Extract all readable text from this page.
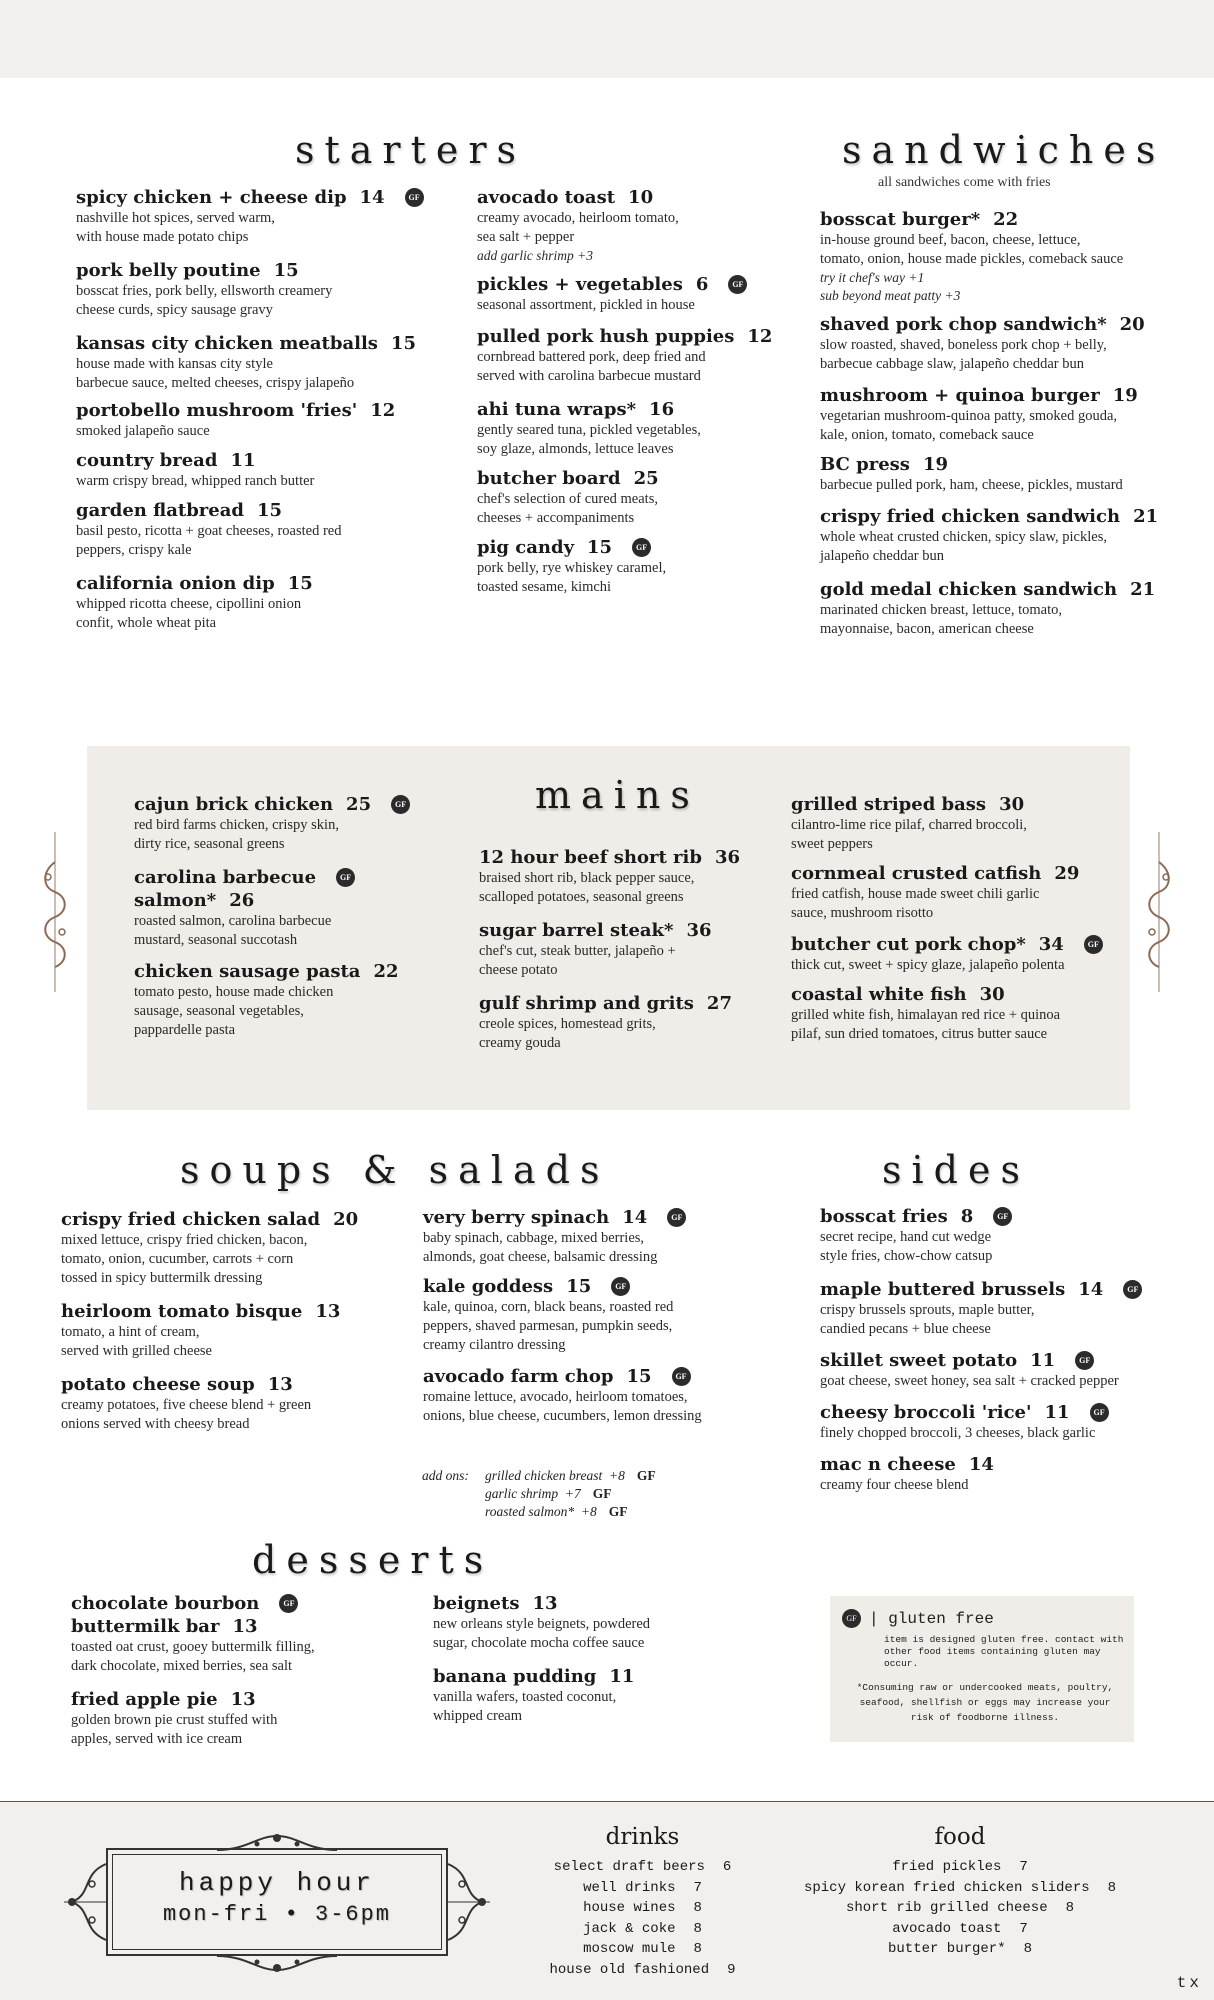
starters
spicy chicken + cheese dip 14	GF
nashville hot spices, served warm,
with house made potato chips
pork belly poutine 15
bosscat fries, pork belly, ellsworth creamery
cheese curds, spicy sausage gravy
kansas city chicken meatballs 15
house made with kansas city style
barbecue sauce, melted cheeses, crispy jalapeño
portobello mushroom 'fries' 12
smoked jalapeño sauce
country bread 11
warm crispy bread, whipped ranch butter
garden flatbread 15
basil pesto, ricotta + goat cheeses, roasted red
peppers, crispy kale
california onion dip 15
whipped ricotta cheese, cipollini onion
confit, whole wheat pita
avocado toast 10
creamy avocado, heirloom tomato,
sea salt + pepper
add garlic shrimp +3
pickles + vegetables 6	GF
seasonal assortment, pickled in house
pulled pork hush puppies 12
cornbread battered pork, deep fried and
served with carolina barbecue mustard
ahi tuna wraps* 16
gently seared tuna, pickled vegetables,
soy glaze, almonds, lettuce leaves
butcher board 25
chef's selection of cured meats,
cheeses + accompaniments
pig candy 15	GF
pork belly, rye whiskey caramel,
toasted sesame, kimchi
sandwiches
all sandwiches come with fries
bosscat burger* 22
in-house ground beef, bacon, cheese, lettuce,
tomato, onion, house made pickles, comeback sauce
try it chef's way +1
sub beyond meat patty +3
shaved pork chop sandwich* 20
slow roasted, shaved, boneless pork chop + belly,
barbecue cabbage slaw, jalapeño cheddar bun
mushroom + quinoa burger 19
vegetarian mushroom-quinoa patty, smoked gouda,
kale, onion, tomato, comeback sauce
BC press 19
barbecue pulled pork, ham, cheese, pickles, mustard
crispy fried chicken sandwich 21
whole wheat crusted chicken, spicy slaw, pickles,
jalapeño cheddar bun
gold medal chicken sandwich 21
marinated chicken breast, lettuce, tomato,
mayonnaise, bacon, american cheese
mains
cajun brick chicken 25	GF
red bird farms chicken, crispy skin,
dirty rice, seasonal greens
carolina barbecue	GF
salmon* 26
roasted salmon, carolina barbecue
mustard, seasonal succotash
chicken sausage pasta 22
tomato pesto, house made chicken
sausage, seasonal vegetables,
pappardelle pasta
12 hour beef short rib 36
braised short rib, black pepper sauce,
scalloped potatoes, seasonal greens
sugar barrel steak* 36
chef's cut, steak butter, jalapeño +
cheese potato
gulf shrimp and grits 27
creole spices, homestead grits,
creamy gouda
grilled striped bass 30
cilantro-lime rice pilaf, charred broccoli,
sweet peppers
cornmeal crusted catfish 29
fried catfish, house made sweet chili garlic
sauce, mushroom risotto
butcher cut pork chop* 34	GF
thick cut, sweet + spicy glaze, jalapeño polenta
coastal white fish 30
grilled white fish, himalayan red rice + quinoa
pilaf, sun dried tomatoes, citrus butter sauce
soups & salads
crispy fried chicken salad 20
mixed lettuce, crispy fried chicken, bacon,
tomato, onion, cucumber, carrots + corn
tossed in spicy buttermilk dressing
heirloom tomato bisque 13
tomato, a hint of cream,
served with grilled cheese
potato cheese soup 13
creamy potatoes, five cheese blend + green
onions served with cheesy bread
very berry spinach 14	GF
baby spinach, cabbage, mixed berries,
almonds, goat cheese, balsamic dressing
kale goddess 15	GF
kale, quinoa, corn, black beans, roasted red
peppers, shaved parmesan, pumpkin seeds,
creamy cilantro dressing
avocado farm chop 15	GF
romaine lettuce, avocado, heirloom tomatoes,
onions, blue cheese, cucumbers, lemon dressing
add ons: grilled chicken breast +8 GF
garlic shrimp +7 GF
roasted salmon* +8 GF
sides
bosscat fries 8	GF
secret recipe, hand cut wedge
style fries, chow-chow catsup
maple buttered brussels 14	GF
crispy brussels sprouts, maple butter,
candied pecans + blue cheese
skillet sweet potato 11	GF
goat cheese, sweet honey, sea salt + cracked pepper
cheesy broccoli 'rice' 11	GF
finely chopped broccoli, 3 cheeses, black garlic
mac n cheese 14
creamy four cheese blend
desserts
chocolate bourbon	GF
buttermilk bar 13
toasted oat crust, gooey buttermilk filling,
dark chocolate, mixed berries, sea salt
fried apple pie 13
golden brown pie crust stuffed with
apples, served with ice cream
beignets 13
new orleans style beignets, powdered
sugar, chocolate mocha coffee sauce
banana pudding 11
vanilla wafers, toasted coconut,
whipped cream
GF | gluten free
item is designed gluten free. contact with other food items containing gluten may occur.
*Consuming raw or undercooked meats, poultry, seafood, shellfish or eggs may increase your risk of foodborne illness.
happy hour
mon-fri • 3-6pm
drinks
select draft beers 6
well drinks 7
house wines 8
jack & coke 8
moscow mule 8
house old fashioned 9
food
fried pickles 7
spicy korean fried chicken sliders 8
short rib grilled cheese 8
avocado toast 7
butter burger* 8
tx
